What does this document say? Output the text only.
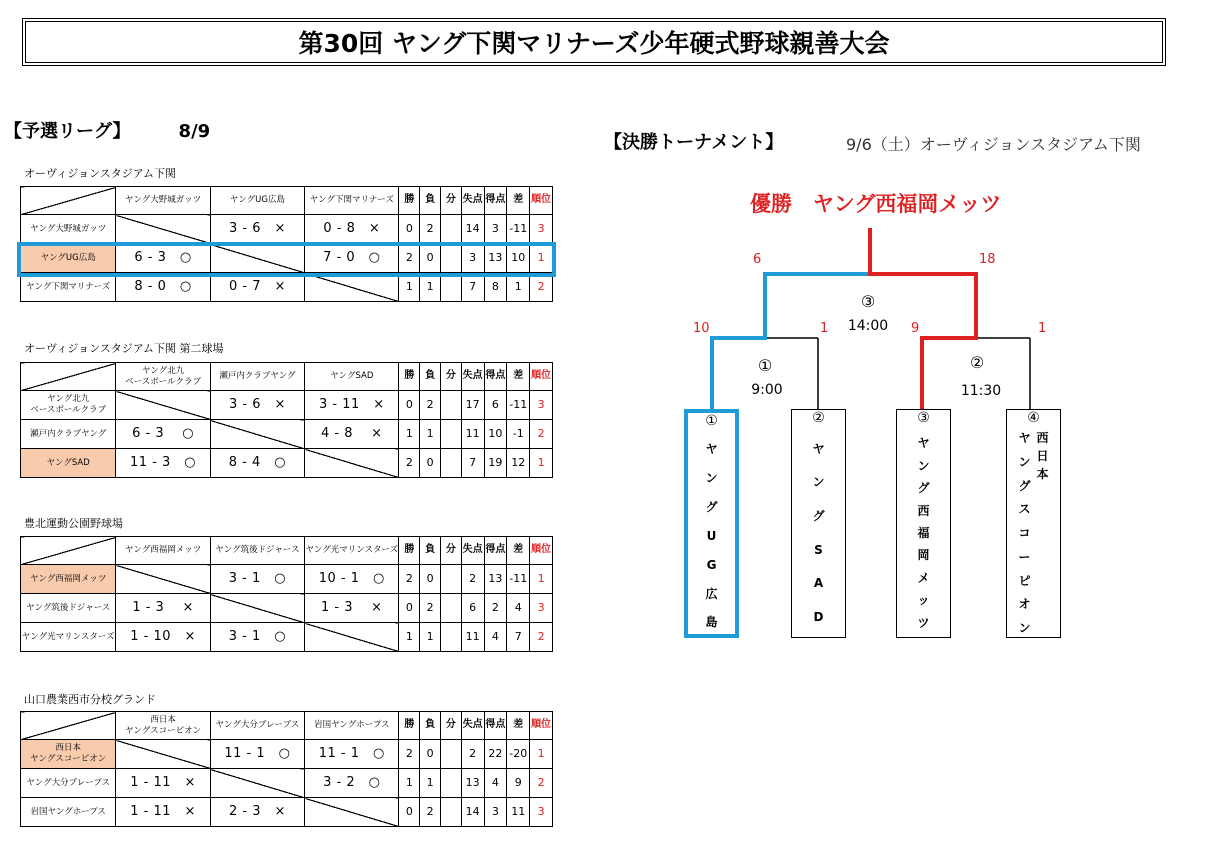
第30回 ヤング下関マリナーズ少年硬式野球親善大会
【予選リーグ】	8/9
【決勝トーナメント】	9/6（土）オーヴィジョンスタジアム下関
オーヴィジョンスタジアム下関
	ヤング大野城ガッツ	ヤングUG広島	ヤング下関マリナーズ	勝	負	分	失点	得点	差	順位
ヤング大野城ガッツ		3 - 6　×	0 - 8　×	0	2		14	3	-11	3
ヤングUG広島	6 - 3　○		7 - 0　○	2	0		3	13	10	1
ヤング下関マリナーズ	8 - 0　○	0 - 7　×		1	1		7	8	1	2
オーヴィジョンスタジアム下関 第二球場
	ヤング北九
ベースボールクラブ	瀬戸内クラブヤング	ヤングSAD	勝	負	分	失点	得点	差	順位
ヤング北九
ベースボールクラブ		3 - 6　×	3 - 11　×	0	2		17	6	-11	3
瀬戸内クラブヤング	6 - 3　 ○		4 - 8　 ×	1	1		11	10	-1	2
ヤングSAD	11 - 3　○	8 - 4　○		2	0		7	19	12	1
豊北運動公園野球場
	ヤング西福岡メッツ	ヤング筑後ドジャース	ヤング光マリンスターズ	勝	負	分	失点	得点	差	順位
ヤング西福岡メッツ		3 - 1　○	10 - 1　○	2	0		2	13	-11	1
ヤング筑後ドジャース	1 - 3　 ×		1 - 3　 ×	0	2		6	2	4	3
ヤング光マリンスターズ	1 - 10　×	3 - 1　○		1	1		11	4	7	2
山口農業西市分校グランド
	西日本
ヤングスコーピオン	ヤング大分ブレーブス	岩国ヤングホープス	勝	負	分	失点	得点	差	順位
西日本
ヤングスコーピオン		11 - 1　○	11 - 1　○	2	0		2	22	-20	1
ヤング大分ブレーブス	1 - 11　×		3 - 2　○	1	1		13	4	9	2
岩国ヤングホープス	1 - 11　×	2 - 3　×		0	2		14	3	11	3
優勝　ヤング西福岡メッツ
6	18
③
14:00
10	1
①
9:00
9	1
②
11:30
①
ヤ
ン
グ
U
G
広
島
②
ヤ
ン
グ
S
A
D
③
ヤ
ン
グ
西
福
岡
メ
ッ
ツ
④
ヤ
ン
グ
ス
コ
ー
ピ
オ
ン
西
日
本
